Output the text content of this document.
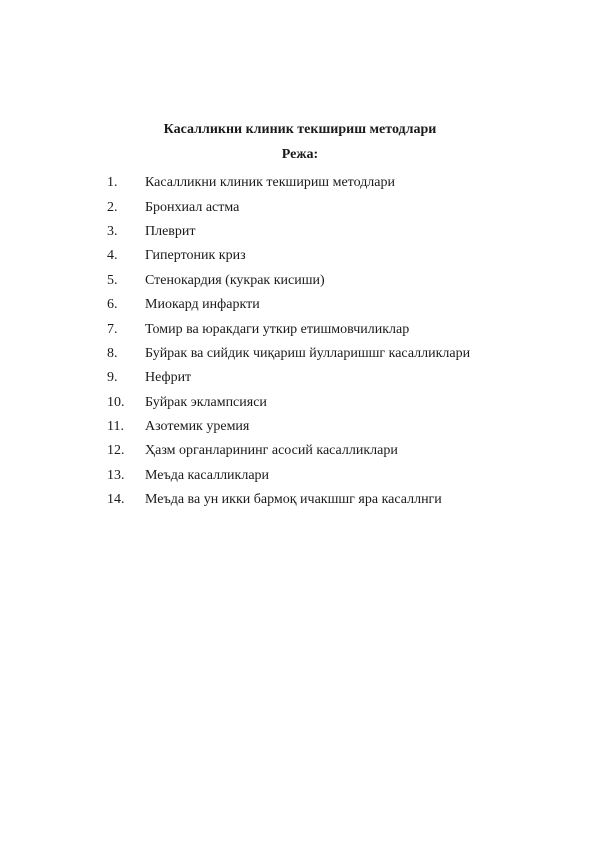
Касалликни клиник текшириш методлари
Режа:
1.	Касалликни клиник текшириш методлари
2.	Бронхиал астма
3.	Плеврит
4.	Гипертоник криз
5.	Стенокардия (кукрак кисиши)
6.	Миокард инфаркти
7.	Томир ва юракдаги уткир етишмовчиликлар
8.	Буйрак ва сийдик чиқариш йулларишшг касалликлари
9.	Нефрит
10.	Буйрак эклампсияси
11.	Азотемик уремия
12.	Ҳазм органларининг асосий касалликлари
13.	Меъда касалликлари
14.	Меъда ва ун икки бармоқ ичакшшг яра касаллнги
